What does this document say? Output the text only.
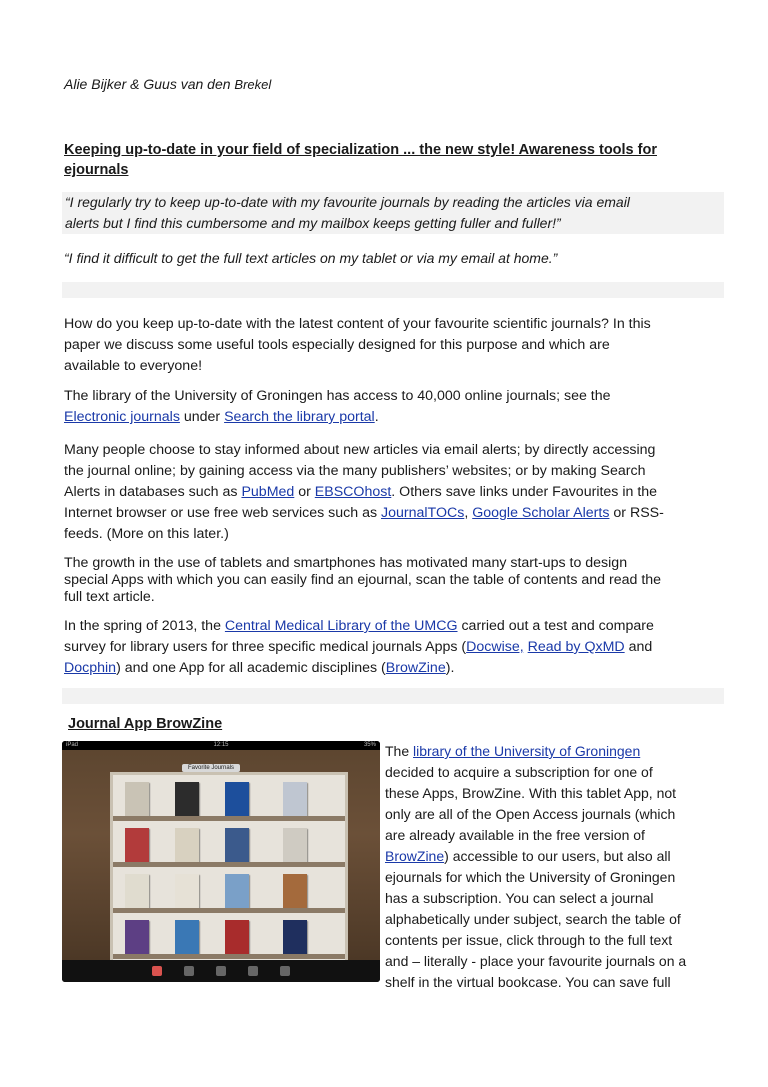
Alie Bijker & Guus van den Brekel
Keeping up-to-date in your field of specialization ... the new style! Awareness tools for
ejournals
“I regularly try to keep up-to-date with my favourite journals by reading the articles via email
alerts but I find this cumbersome and my mailbox keeps getting fuller and fuller!”
“I find it difficult to get the full text articles on my tablet or via my email at home.”
How do you keep up-to-date with the latest content of your favourite scientific journals? In this
paper we discuss some useful tools especially designed for this purpose and which are
available to everyone!
The library of the University of Groningen has access to 40,000 online journals; see the
Electronic journals under Search the library portal.
Many people choose to stay informed about new articles via email alerts; by directly accessing
the journal online; by gaining access via the many publishers’ websites; or by making Search
Alerts in databases such as PubMed or EBSCOhost. Others save links under Favourites in the
Internet browser or use free web services such as JournalTOCs, Google Scholar Alerts or RSS-
feeds. (More on this later.)
The growth in the use of tablets and smartphones has motivated many start-ups to design
special Apps with which you can easily find an ejournal, scan the table of contents and read the
full text article.
In the spring of 2013, the Central Medical Library of the UMCG carried out a test and compare
survey for library users for three specific medical journals Apps (Docwise, Read by QxMD and
Docphin) and one App for all academic disciplines (BrowZine).
Journal App BrowZine
iPad	12:15	35%
Favorite Journals
The library of the University of Groningen
decided to acquire a subscription for one of
these Apps, BrowZine. With this tablet App, not
only are all of the Open Access journals (which
are already available in the free version of
BrowZine) accessible to our users, but also all
ejournals for which the University of Groningen
has a subscription. You can select a journal
alphabetically under subject, search the table of
contents per issue, click through to the full text
and – literally - place your favourite journals on a
shelf in the virtual bookcase. You can save full
